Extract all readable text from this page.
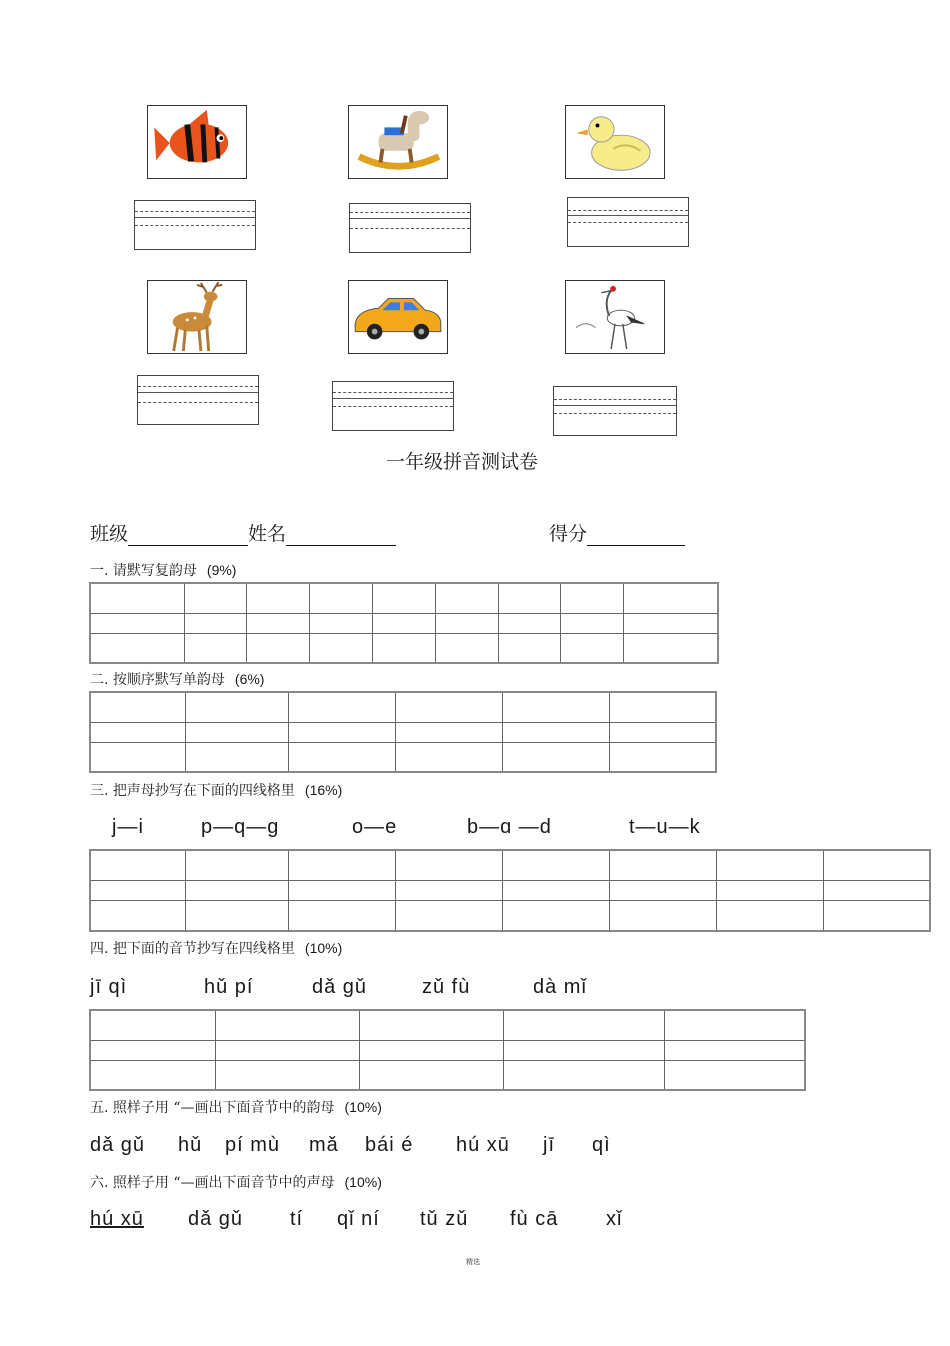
一年级拼音测试卷
班级	姓名	得分
一. 请默写复韵母 (9%)

二. 按顺序默写单韵母 (6%)

三. 把声母抄写在下面的四线格里 (16%)
j—i	p—q—g	o—e	b—ɑ —d	t—u—k

四. 把下面的音节抄写在四线格里 (10%)
jī qì	hǔ pí	dǎ gǔ	zǔ fù	dà mǐ

五. 照样子用 “—画出下面音节中的韵母 (10%)
dǎ gǔ hǔ pí mù mǎ bái é hú xū jī qì
六. 照样子用 “—画出下面音节中的声母 (10%)
hú xū dǎ gǔ tí qǐ ní tǔ zǔ fù cā xǐ
精选
